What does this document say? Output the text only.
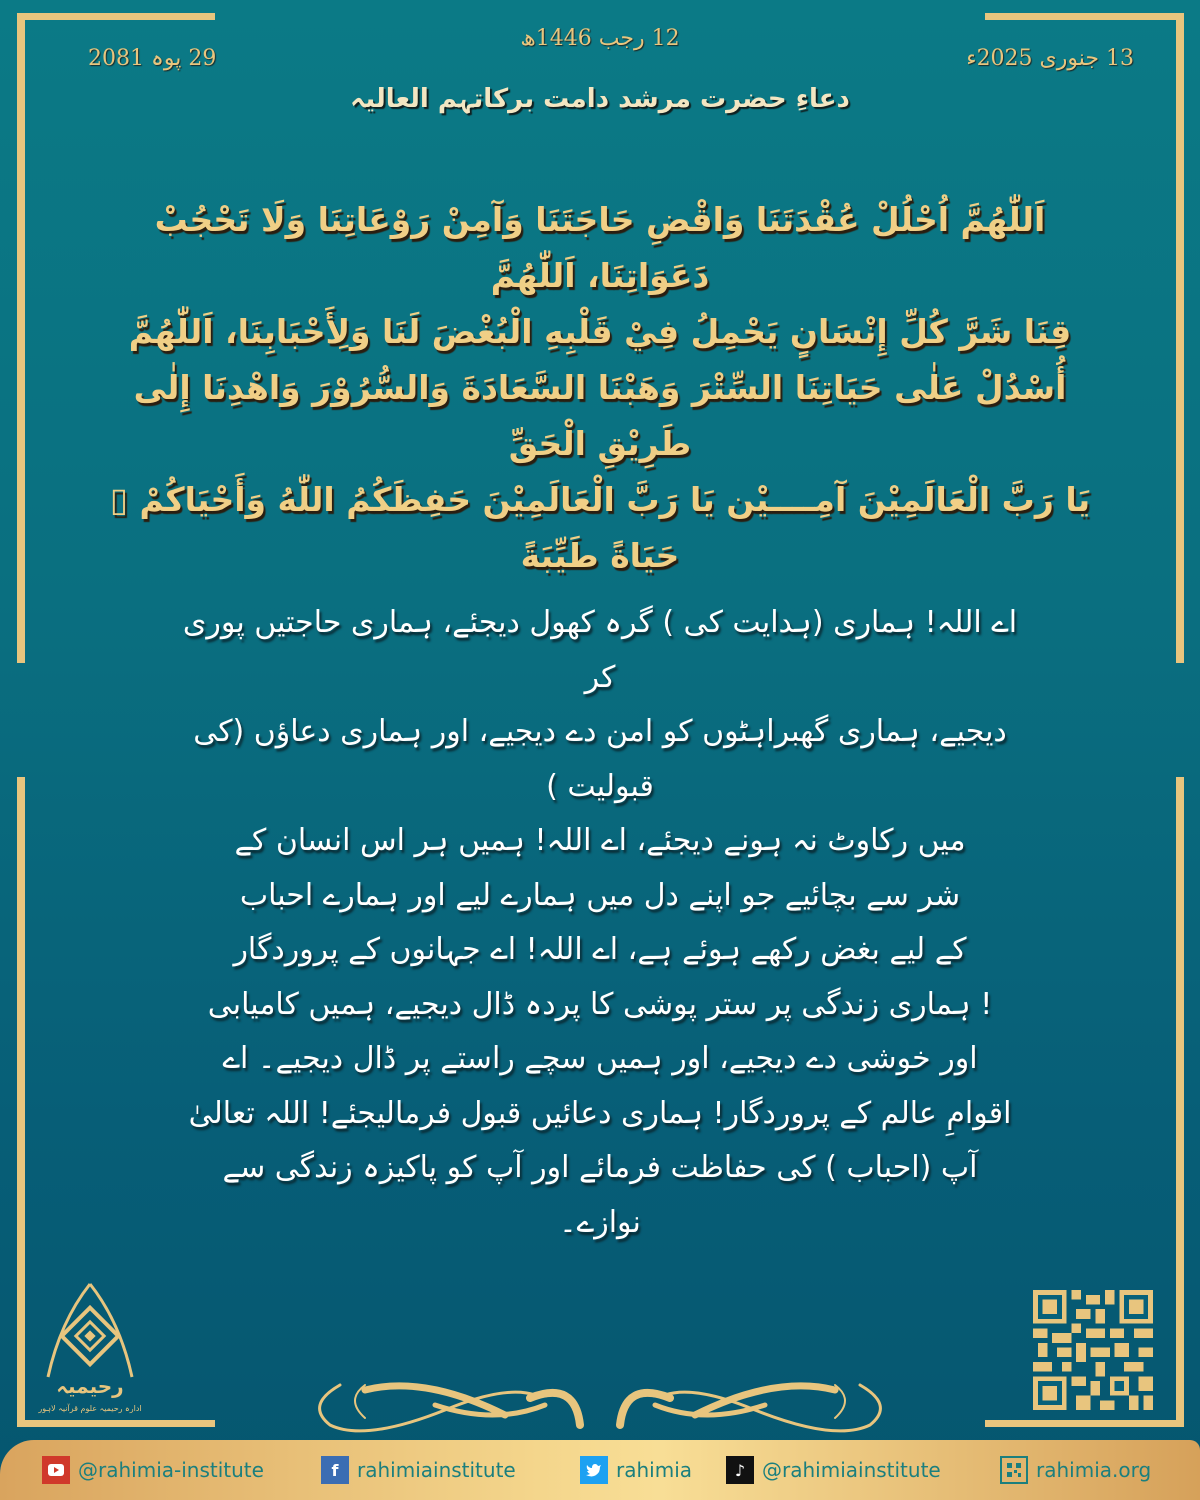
29 پوہ 2081
12 رجب 1446ھ
13 جنوری 2025ء
دعاءِ حضرت مرشد دامت برکاتہم العالیہ
اَللّٰهُمَّ اُحْلُلْ عُقْدَتَنَا وَاقْضِ حَاجَتَنَا وَآمِنْ رَوْعَاتِنَا وَلَا تَحْجُبْ دَعَوَاتِنَا، اَللّٰهُمَّ
قِنَا شَرَّ كُلِّ إِنْسَانٍ يَحْمِلُ فِيْ قَلْبِهِ الْبُغْضَ لَنَا وَلِأَحْبَابِنَا، اَللّٰهُمَّ
أُسْدُلْ عَلٰى حَيَاتِنَا السِّتْرَ وَهَبْنَا السَّعَادَةَ وَالسُّرُوْرَ وَاهْدِنَا إِلٰى طَرِيْقِ الْحَقِّ
يَا رَبَّ الْعَالَمِيْنَ آمِــــيْن يَا رَبَّ الْعَالَمِيْنَ حَفِظَكُمُ اللّٰهُ وَأَحْيَاكُمْ ▯
حَيَاةً طَيِّبَةً
اے اللہ! ہماری (ہدایت کی ) گرہ کھول دیجئے، ہماری حاجتیں پوری کر
دیجیے، ہماری گھبراہٹوں کو امن دے دیجیے، اور ہماری دعاؤں (کی قبولیت )
میں رکاوٹ نہ ہونے دیجئے، اے اللہ! ہمیں ہر اس انسان کے
شر سے بچائیے جو اپنے دل میں ہمارے لیے اور ہمارے احباب
کے لیے بغض رکھے ہوئے ہے، اے اللہ! اے جہانوں کے پروردگار
! ہماری زندگی پر ستر پوشی کا پردہ ڈال دیجیے، ہمیں کامیابی
اور خوشی دے دیجیے، اور ہمیں سچے راستے پر ڈال دیجیے۔ اے
اقوامِ عالم کے پروردگار! ہماری دعائیں قبول فرمالیجئے! اللہ تعالیٰ
آپ (احباب ) کی حفاظت فرمائے اور آپ کو پاکیزہ زندگی سے نوازے۔
رحیمیہ
ادارہ رحیمیہ علوم قرآنیہ لاہور
@rahimia-institute	f rahimiainstitute	rahimia	♪ @rahimiainstitute	rahimia.org
